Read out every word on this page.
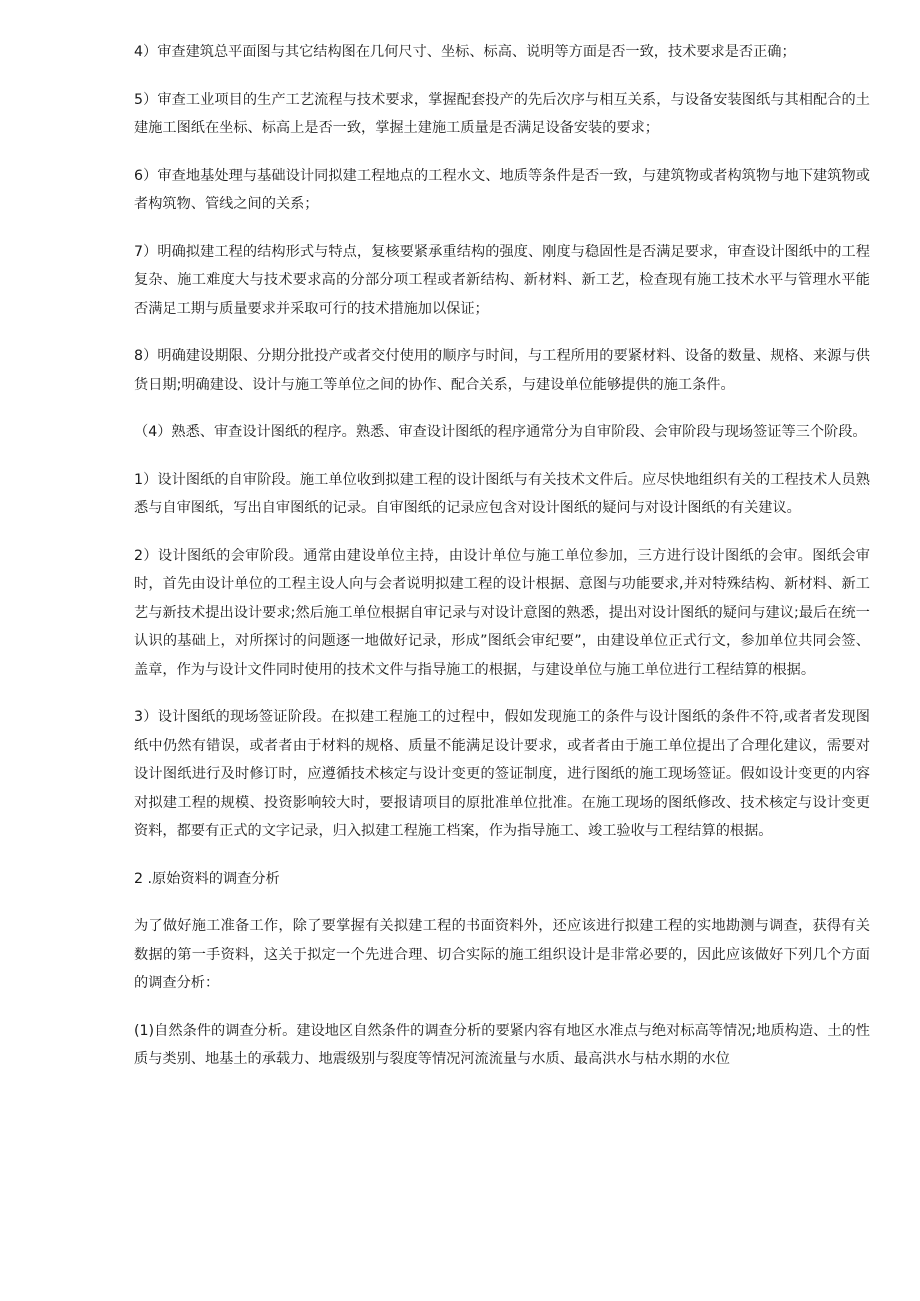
4）审查建筑总平面图与其它结构图在几何尺寸、坐标、标高、说明等方面是否一致，技术要求是否正确；

5）审查工业项目的生产工艺流程与技术要求，掌握配套投产的先后次序与相互关系，与设备安装图纸与其相配合的土建施工图纸在坐标、标高上是否一致，掌握土建施工质量是否满足设备安装的要求；

6）审查地基处理与基础设计同拟建工程地点的工程水文、地质等条件是否一致，与建筑物或者构筑物与地下建筑物或者构筑物、管线之间的关系；

7）明确拟建工程的结构形式与特点，复核要紧承重结构的强度、刚度与稳固性是否满足要求，审查设计图纸中的工程复杂、施工难度大与技术要求高的分部分项工程或者新结构、新材料、新工艺，检查现有施工技术水平与管理水平能否满足工期与质量要求并采取可行的技术措施加以保证；

8）明确建设期限、分期分批投产或者交付使用的顺序与时间，与工程所用的要紧材料、设备的数量、规格、来源与供货日期;明确建设、设计与施工等单位之间的协作、配合关系，与建设单位能够提供的施工条件。

（4）熟悉、审查设计图纸的程序。熟悉、审查设计图纸的程序通常分为自审阶段、会审阶段与现场签证等三个阶段。

1）设计图纸的自审阶段。施工单位收到拟建工程的设计图纸与有关技术文件后。应尽快地组织有关的工程技术人员熟悉与自审图纸，写出自审图纸的记录。自审图纸的记录应包含对设计图纸的疑问与对设计图纸的有关建议。

2）设计图纸的会审阶段。通常由建设单位主持，由设计单位与施工单位参加，三方进行设计图纸的会审。图纸会审时，首先由设计单位的工程主设人向与会者说明拟建工程的设计根据、意图与功能要求,并对特殊结构、新材料、新工艺与新技术提出设计要求;然后施工单位根据自审记录与对设计意图的熟悉，提出对设计图纸的疑问与建议;最后在统一认识的基础上，对所探讨的问题逐一地做好记录，形成”图纸会审纪要”，由建设单位正式行文，参加单位共同会签、盖章，作为与设计文件同时使用的技术文件与指导施工的根据，与建设单位与施工单位进行工程结算的根据。

3）设计图纸的现场签证阶段。在拟建工程施工的过程中，假如发现施工的条件与设计图纸的条件不符,或者者发现图纸中仍然有错误，或者者由于材料的规格、质量不能满足设计要求，或者者由于施工单位提出了合理化建议，需要对设计图纸进行及时修订时，应遵循技术核定与设计变更的签证制度，进行图纸的施工现场签证。假如设计变更的内容对拟建工程的规模、投资影响较大时，要报请项目的原批准单位批准。在施工现场的图纸修改、技术核定与设计变更资料，都要有正式的文字记录，归入拟建工程施工档案，作为指导施工、竣工验收与工程结算的根据。

2 .原始资料的调查分析

为了做好施工准备工作，除了要掌握有关拟建工程的书面资料外，还应该进行拟建工程的实地勘测与调查，获得有关数据的第一手资料，这关于拟定一个先进合理、切合实际的施工组织设计是非常必要的，因此应该做好下列几个方面的调查分析：

(1)自然条件的调查分析。建设地区自然条件的调查分析的要紧内容有地区水准点与绝对标高等情况;地质构造、土的性质与类别、地基土的承载力、地震级别与裂度等情况河流流量与水质、最高洪水与枯水期的水位
